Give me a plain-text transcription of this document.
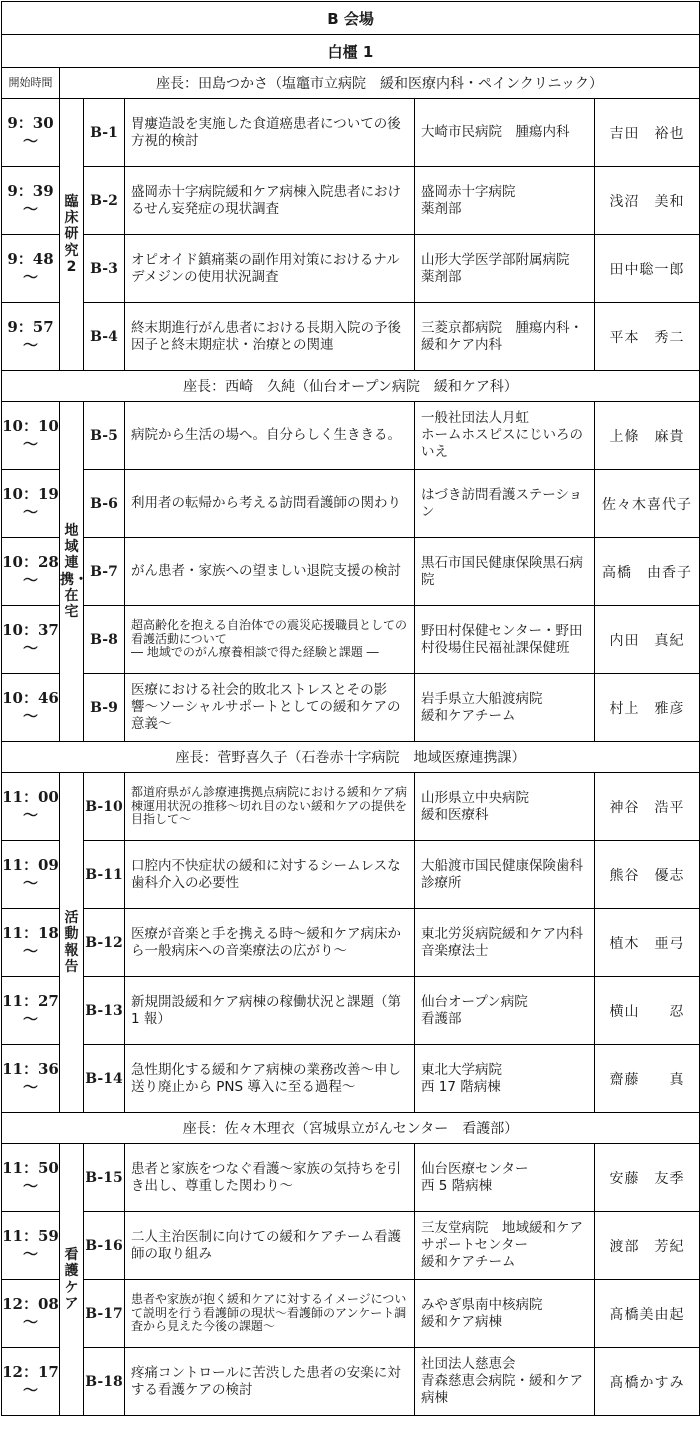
B 会場					
白橿 1					
開始時間	座長：田島つかさ（塩竈市立病院　緩和医療内科・ペインクリニック）				
9：30
〜	臨床研究2	B-1	胃瘻造設を実施した食道癌患者についての後方視的検討	大崎市民病院　腫瘍内科	吉田　裕也
9：39
〜		B-2	盛岡赤十字病院緩和ケア病棟入院患者におけるせん妄発症の現状調査	盛岡赤十字病院
薬剤部	浅沼　美和
9：48
〜		B-3	オピオイド鎮痛薬の副作用対策におけるナルデメジンの使用状況調査	山形大学医学部附属病院　薬剤部	田中聡一郎
9：57
〜		B-4	終末期進行がん患者における長期入院の予後因子と終末期症状・治療との関連	三菱京都病院　腫瘍内科・緩和ケア内科	平本　秀二
座長：西崎　久純（仙台オープン病院　緩和ケア科）					
10：10
〜	地域連携・在宅	B-5	病院から生活の場へ。自分らしく生ききる。	一般社団法人月虹
ホームホスピスにじいろのいえ	上條　麻貴
10：19
〜		B-6	利用者の転帰から考える訪問看護師の関わり	はづき訪問看護ステーション	佐々木喜代子
10：28
〜		B-7	がん患者・家族への望ましい退院支援の検討	黒石市国民健康保険黒石病院	高橋　由香子
10：37
〜		B-8	超高齢化を抱える自治体での震災応援職員としての看護活動について
― 地域でのがん療養相談で得た経験と課題 ―	野田村保健センター・野田村役場住民福祉課保健班	内田　真紀
10：46
〜		B-9	医療における社会的敗北ストレスとその影響〜ソーシャルサポートとしての緩和ケアの意義〜	岩手県立大船渡病院
緩和ケアチーム	村上　雅彦
座長：菅野喜久子（石巻赤十字病院　地域医療連携課）					
11：00
〜	活動報告	B-10	都道府県がん診療連携拠点病院における緩和ケア病棟運用状況の推移〜切れ目のない緩和ケアの提供を目指して〜	山形県立中央病院
緩和医療科	神谷　浩平
11：09
〜		B-11	口腔内不快症状の緩和に対するシームレスな歯科介入の必要性	大船渡市国民健康保険歯科診療所	熊谷　優志
11：18
〜		B-12	医療が音楽と手を携える時〜緩和ケア病床から一般病床への音楽療法の広がり〜	東北労災病院緩和ケア内科　音楽療法士	植木　亜弓
11：27
〜		B-13	新規開設緩和ケア病棟の稼働状況と課題（第 1 報）	仙台オープン病院
看護部	横山　　忍
11：36
〜		B-14	急性期化する緩和ケア病棟の業務改善〜申し送り廃止から PNS 導入に至る過程〜	東北大学病院
西 17 階病棟	齋藤　　真
座長：佐々木理衣（宮城県立がんセンター　看護部）					
11：50
〜	看護ケア	B-15	患者と家族をつなぐ看護〜家族の気持ちを引き出し、尊重した関わり〜	仙台医療センター
西 5 階病棟	安藤　友季
11：59
〜		B-16	二人主治医制に向けての緩和ケアチーム看護師の取り組み	三友堂病院　地域緩和ケアサポートセンター
緩和ケアチーム	渡部　芳紀
12：08
〜		B-17	患者や家族が抱く緩和ケアに対するイメージについて説明を行う看護師の現状〜看護師のアンケート調査から見えた今後の課題〜	みやぎ県南中核病院
緩和ケア病棟	髙橋美由起
12：17
〜		B-18	疼痛コントロールに苦渋した患者の安楽に対する看護ケアの検討	社団法人慈恵会
青森慈恵会病院・緩和ケア病棟	髙橋かすみ
